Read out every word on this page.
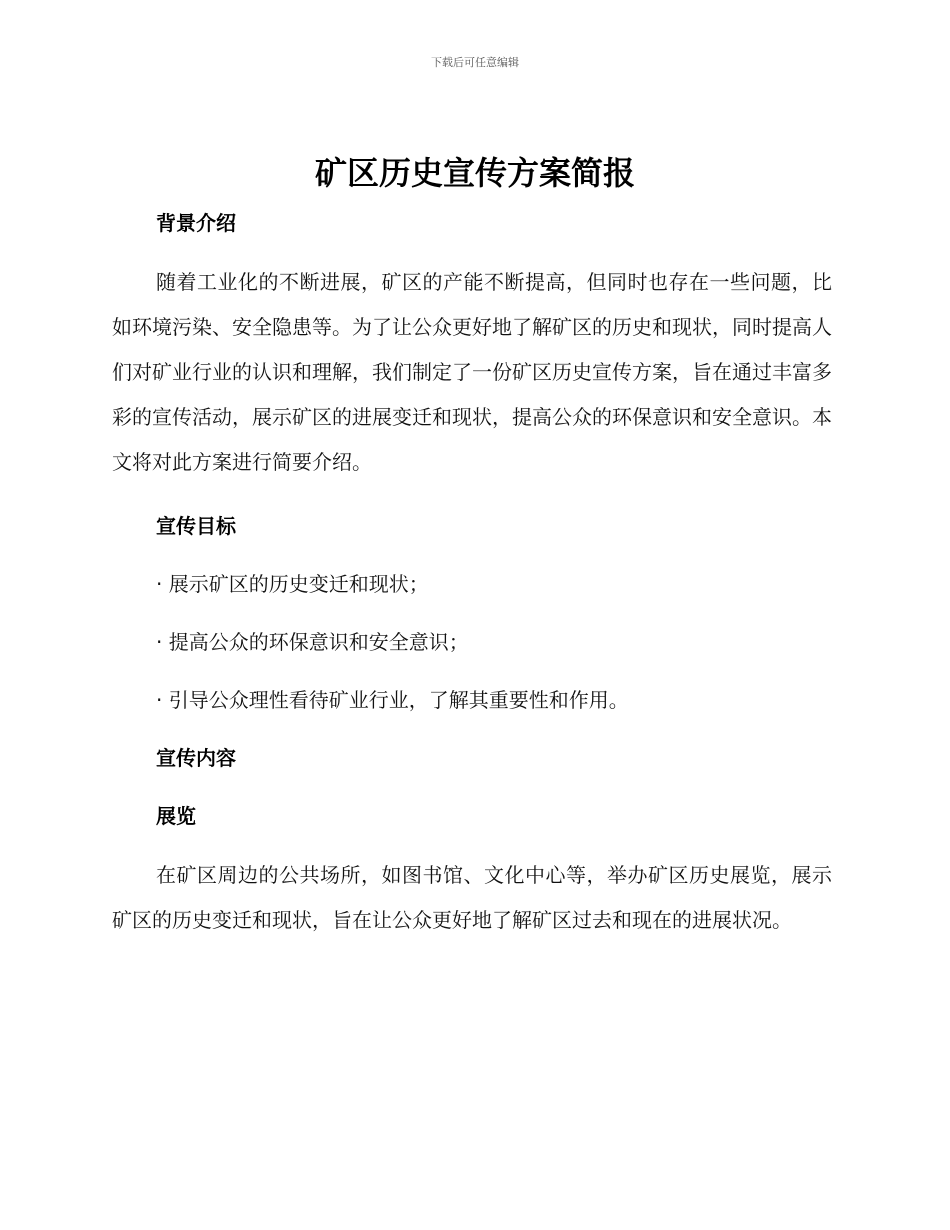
下载后可任意编辑
矿区历史宣传方案简报
背景介绍

随着工业化的不断进展，矿区的产能不断提高，但同时也存在一些问题，比如环境污染、安全隐患等。为了让公众更好地了解矿区的历史和现状，同时提高人们对矿业行业的认识和理解，我们制定了一份矿区历史宣传方案，旨在通过丰富多彩的宣传活动，展示矿区的进展变迁和现状，提高公众的环保意识和安全意识。本文将对此方案进行简要介绍。

宣传目标

· 展示矿区的历史变迁和现状；

· 提高公众的环保意识和安全意识；

· 引导公众理性看待矿业行业，了解其重要性和作用。

宣传内容
展览

在矿区周边的公共场所，如图书馆、文化中心等，举办矿区历史展览，展示矿区的历史变迁和现状，旨在让公众更好地了解矿区过去和现在的进展状况。
